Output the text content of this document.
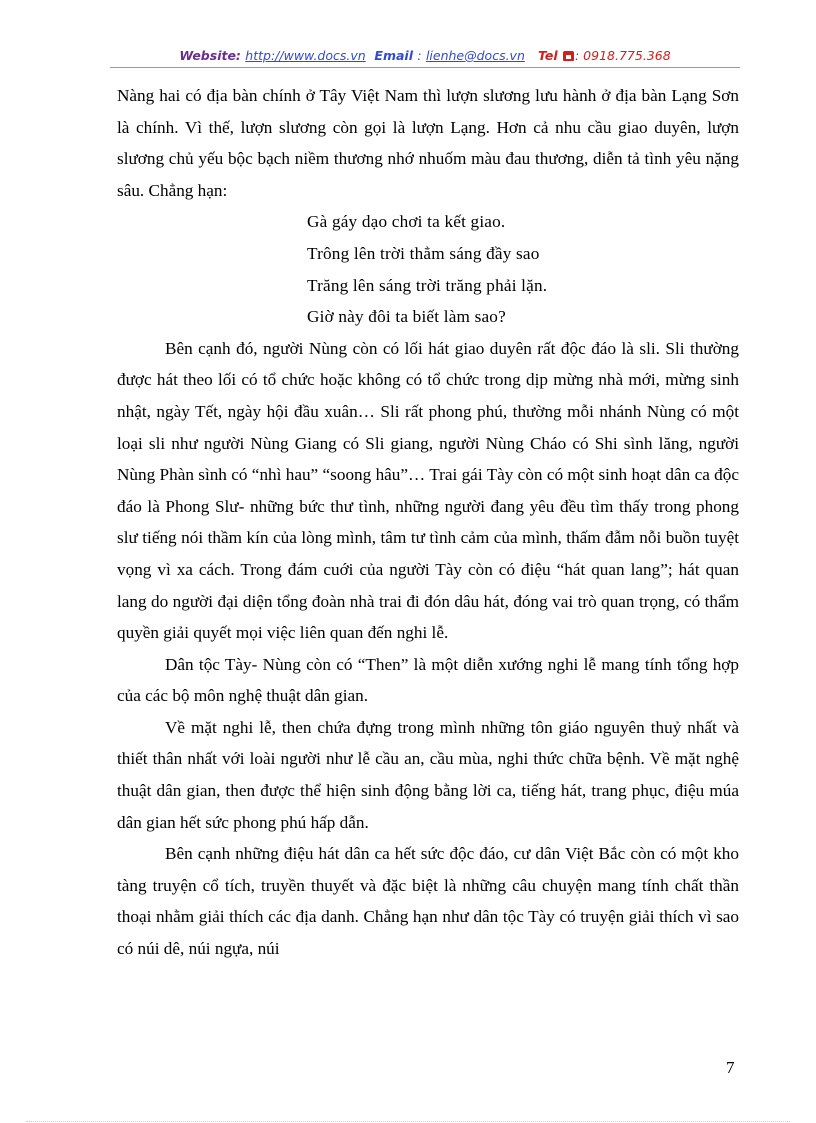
Website: http://www.docs.vn Email : lienhe@docs.vn Tel : 0918.775.368

Nàng hai có địa bàn chính ở Tây Việt Nam thì lượn slương lưu hành ở địa bàn Lạng Sơn là chính. Vì thế, lượn slương còn gọi là lượn Lạng. Hơn cả nhu cầu giao duyên, lượn slương chủ yếu bộc bạch niềm thương nhớ nhuốm màu đau thương, diễn tả tình yêu nặng sâu. Chẳng hạn:

Gà gáy dạo chơi ta kết giao.

Trông lên trời thẳm sáng đầy sao

Trăng lên sáng trời trăng phải lặn.

Giờ này đôi ta biết làm sao?

Bên cạnh đó, người Nùng còn có lối hát giao duyên rất độc đáo là sli. Sli thường được hát theo lối có tổ chức hoặc không có tổ chức trong dịp mừng nhà mới, mừng sinh nhật, ngày Tết, ngày hội đầu xuân… Sli rất phong phú, thường mỗi nhánh Nùng có một loại sli như người Nùng Giang có Sli giang, người Nùng Cháo có Shi sình lăng, người Nùng Phàn sình có “nhì hau” “soong hâu”… Trai gái Tày còn có một sinh hoạt dân ca độc đáo là Phong Slư- những bức thư tình, những người đang yêu đều tìm thấy trong phong slư tiếng nói thầm kín của lòng mình, tâm tư tình cảm của mình, thấm đẫm nỗi buồn tuyệt vọng vì xa cách. Trong đám cuới của người Tày còn có điệu “hát quan lang”; hát quan lang do người đại diện tổng đoàn nhà trai đi đón dâu hát, đóng vai trò quan trọng, có thẩm quyền giải quyết mọi việc liên quan đến nghi lễ.

Dân tộc Tày- Nùng còn có “Then” là một diễn xướng nghi lễ mang tính tổng hợp của các bộ môn nghệ thuật dân gian.

Về mặt nghi lễ, then chứa đựng trong mình những tôn giáo nguyên thuỷ nhất và thiết thân nhất với loài người như lễ cầu an, cầu mùa, nghi thức chữa bệnh. Về mặt nghệ thuật dân gian, then được thể hiện sinh động bằng lời ca, tiếng hát, trang phục, điệu múa dân gian hết sức phong phú hấp dẫn.

Bên cạnh những điệu hát dân ca hết sức độc đáo, cư dân Việt Bắc còn có một kho tàng truyện cổ tích, truyền thuyết và đặc biệt là những câu chuyện mang tính chất thần thoại nhằm giải thích các địa danh. Chẳng hạn như dân tộc Tày có truyện giải thích vì sao có núi dê, núi ngựa, núi

7
